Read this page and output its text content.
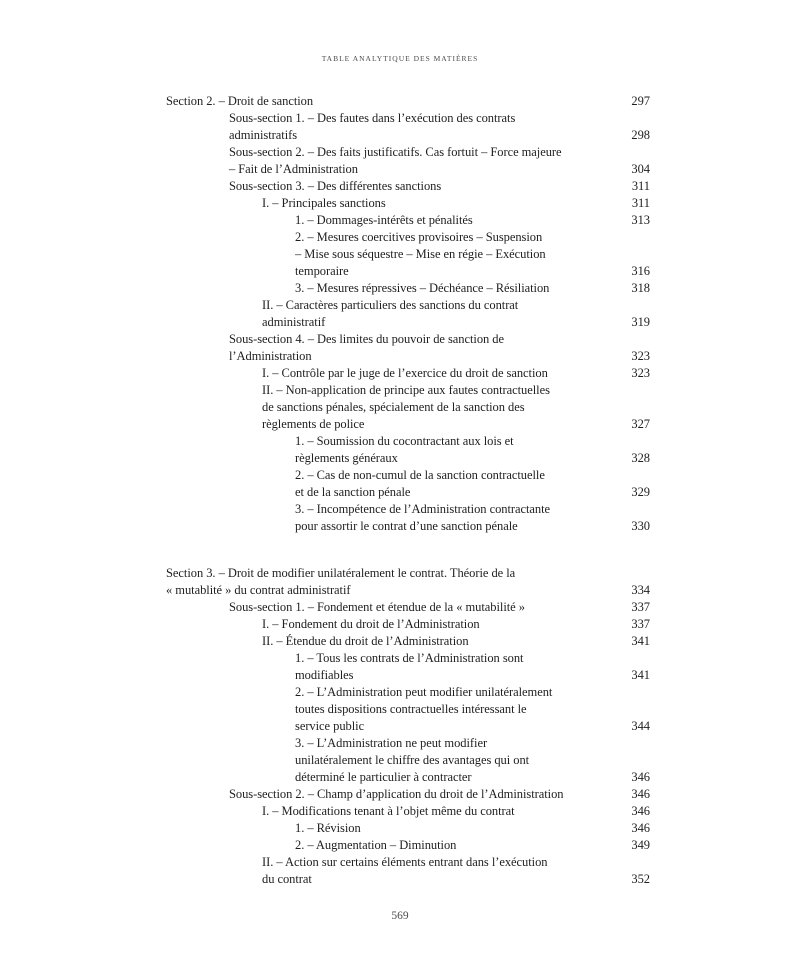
TABLE ANALYTIQUE DES MATIÈRES
Section 2. – Droit de sanction	297
Sous-section 1. – Des fautes dans l’exécution des contrats
administratifs	298
Sous-section 2. – Des faits justificatifs. Cas fortuit – Force majeure
– Fait de l’Administration	304
Sous-section 3. – Des différentes sanctions	311
I. – Principales sanctions	311
1. – Dommages-intérêts et pénalités	313
2. – Mesures coercitives provisoires – Suspension
– Mise sous séquestre – Mise en régie – Exécution
temporaire	316
3. – Mesures répressives – Déchéance – Résiliation	318
II. – Caractères particuliers des sanctions du contrat
administratif	319
Sous-section 4. – Des limites du pouvoir de sanction de
l’Administration	323
I. – Contrôle par le juge de l’exercice du droit de sanction	323
II. – Non-application de principe aux fautes contractuelles
de sanctions pénales, spécialement de la sanction des
règlements de police	327
1. – Soumission du cocontractant aux lois et
règlements généraux	328
2. – Cas de non-cumul de la sanction contractuelle
et de la sanction pénale	329
3. – Incompétence de l’Administration contractante
pour assortir le contrat d’une sanction pénale	330
Section 3. – Droit de modifier unilatéralement le contrat. Théorie de la
« mutablité » du contrat administratif	334
Sous-section 1. – Fondement et étendue de la « mutabilité »	337
I. – Fondement du droit de l’Administration	337
II. – Étendue du droit de l’Administration	341
1. – Tous les contrats de l’Administration sont
modifiables	341
2. – L’Administration peut modifier unilatéralement
toutes dispositions contractuelles intéressant le
service public	344
3. – L’Administration ne peut modifier
unilatéralement le chiffre des avantages qui ont
déterminé le particulier à contracter	346
Sous-section 2. – Champ d’application du droit de l’Administration	346
I. – Modifications tenant à l’objet même du contrat	346
1. – Révision	346
2. – Augmentation – Diminution	349
II. – Action sur certains éléments entrant dans l’exécution
du contrat	352
569
